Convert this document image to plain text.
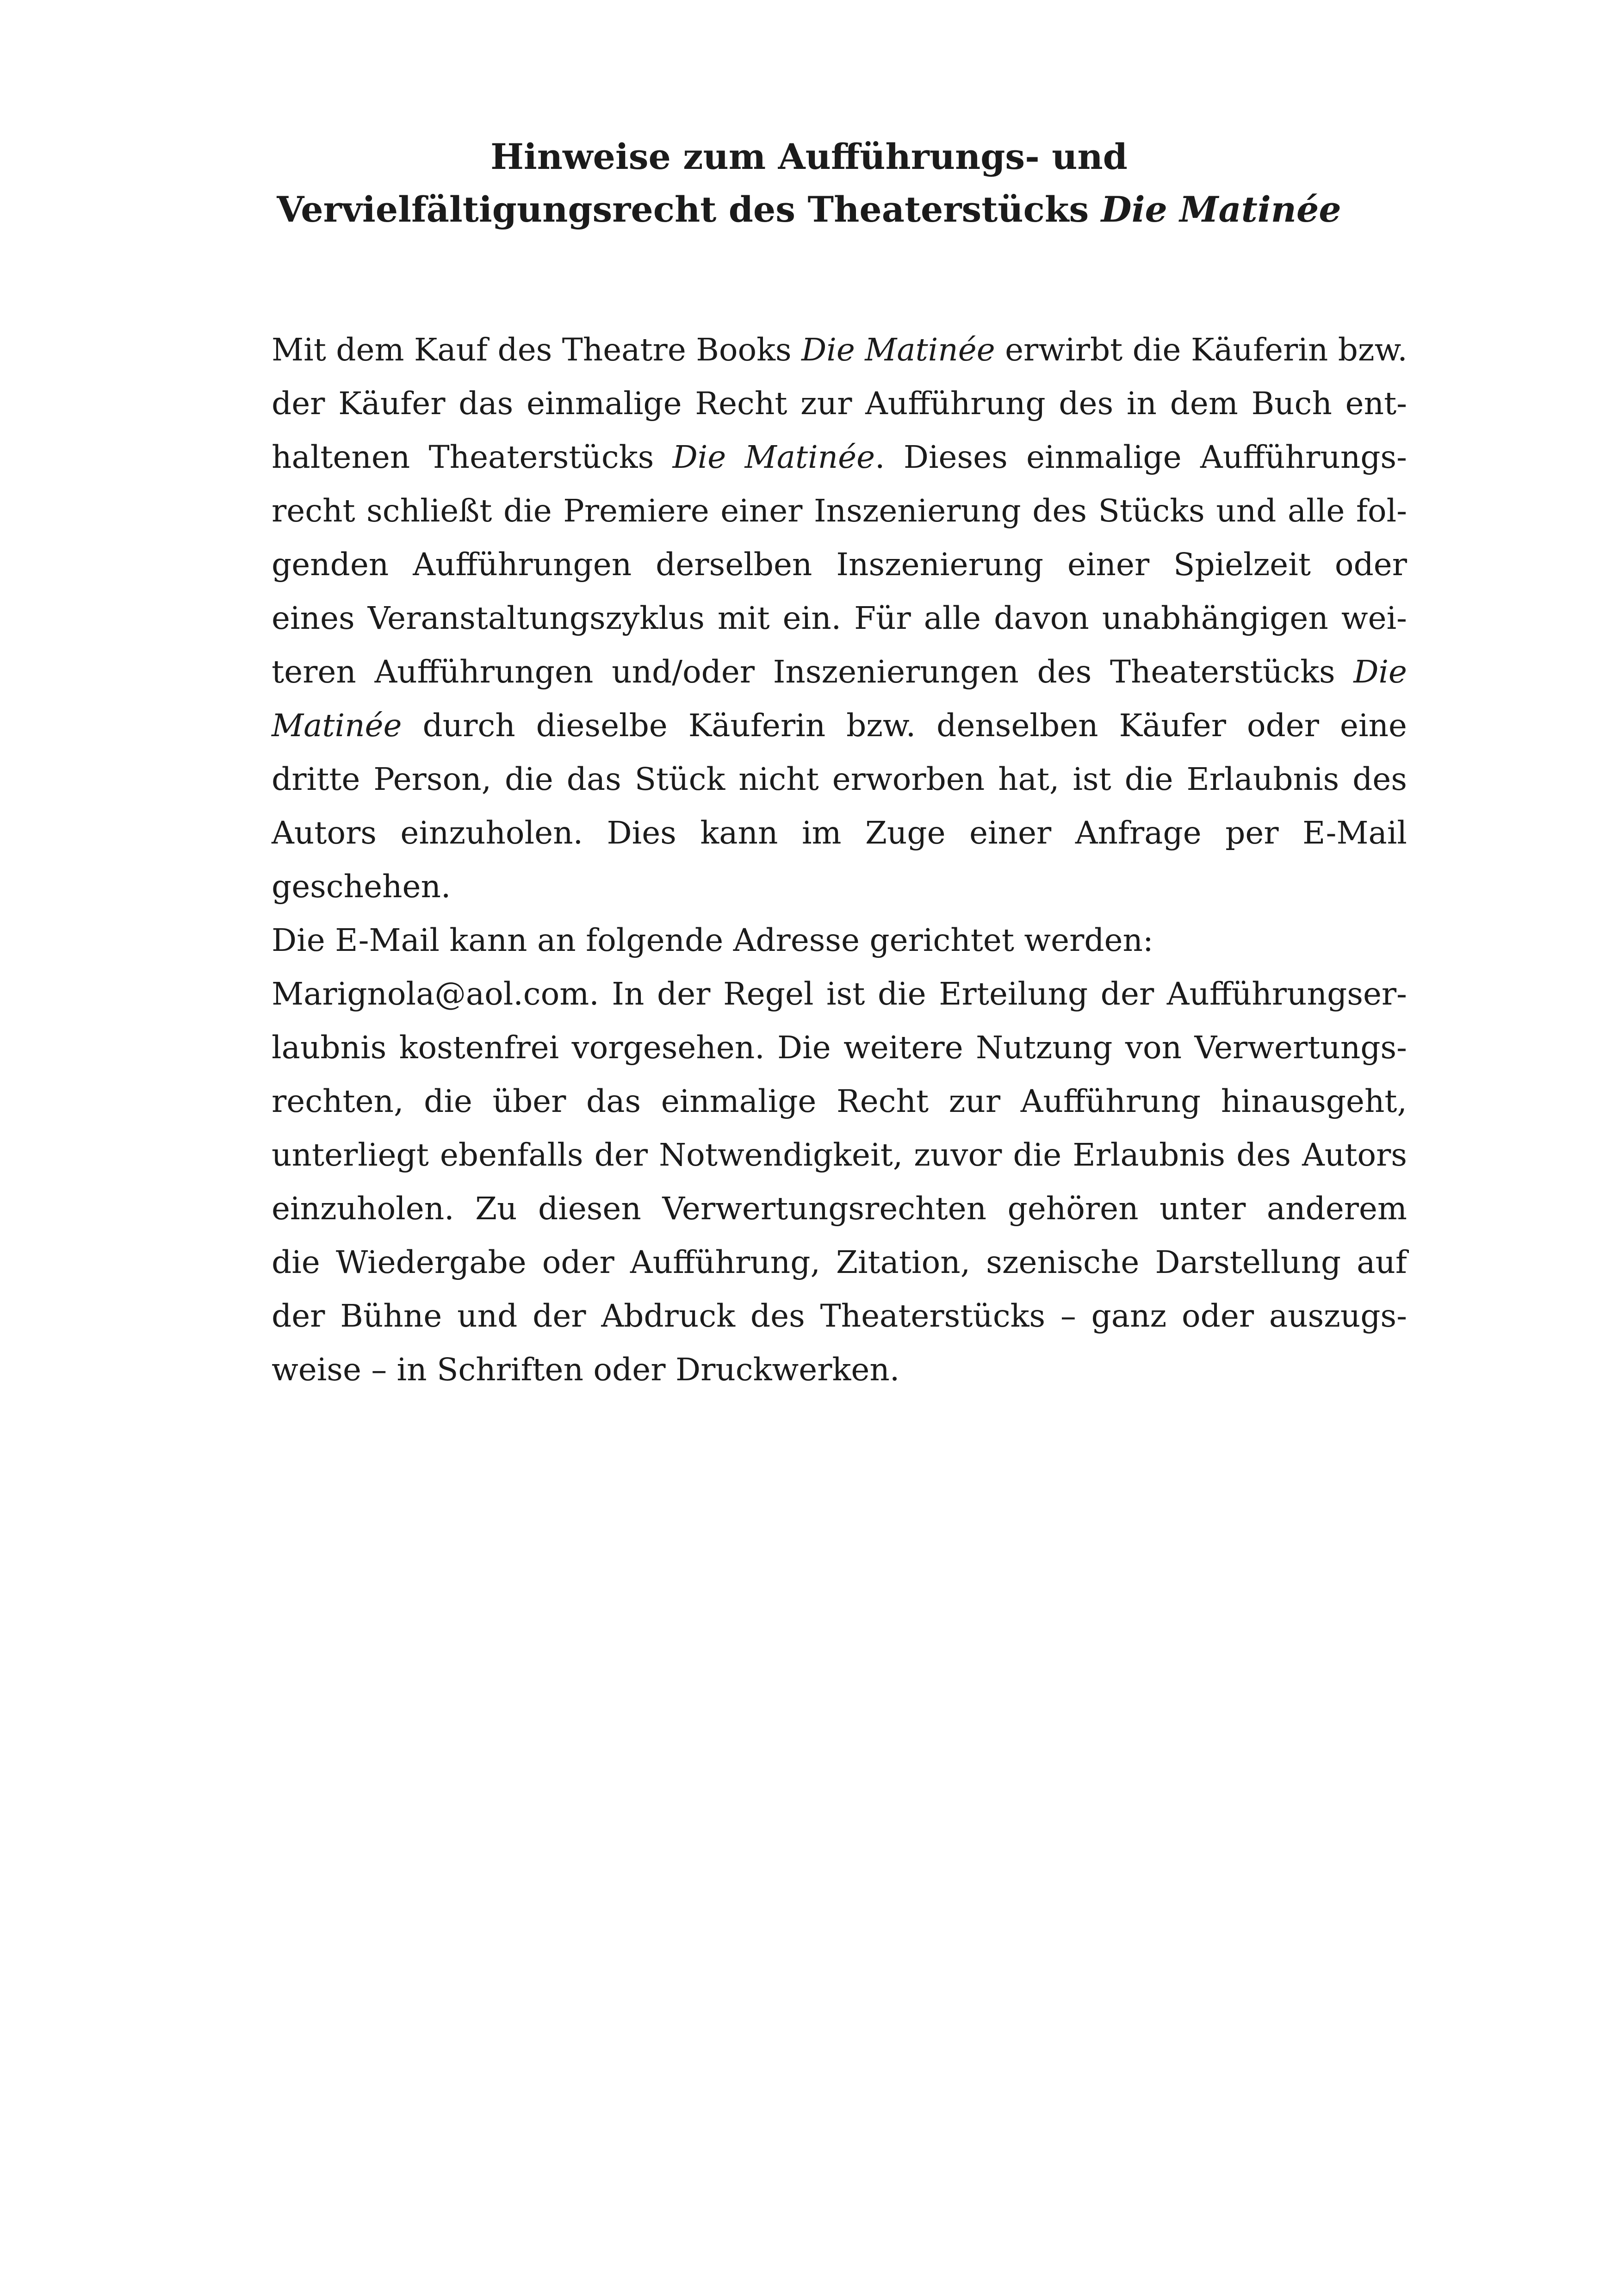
Hinweise zum Aufführungs- und
Vervielfältigungsrecht des Theaterstücks Die Matinée
Mit dem Kauf des Theatre Books Die Matinée erwirbt die Käuferin bzw.
der Käufer das einmalige Recht zur Aufführung des in dem Buch ent-
haltenen Theaterstücks Die Matinée. Dieses einmalige Aufführungs-
recht schließt die Premiere einer Inszenierung des Stücks und alle fol-
genden Aufführungen derselben Inszenierung einer Spielzeit oder
eines Veranstaltungszyklus mit ein. Für alle davon unabhängigen wei-
teren Aufführungen und/oder Inszenierungen des Theaterstücks Die
Matinée durch dieselbe Käuferin bzw. denselben Käufer oder eine
dritte Person, die das Stück nicht erworben hat, ist die Erlaubnis des
Autors einzuholen. Dies kann im Zuge einer Anfrage per E-Mail
geschehen.
Die E-Mail kann an folgende Adresse gerichtet werden:
Marignola@aol.com. In der Regel ist die Erteilung der Aufführungser-
laubnis kostenfrei vorgesehen. Die weitere Nutzung von Verwertungs-
rechten, die über das einmalige Recht zur Aufführung hinausgeht,
unterliegt ebenfalls der Notwendigkeit, zuvor die Erlaubnis des Autors
einzuholen. Zu diesen Verwertungsrechten gehören unter anderem
die Wiedergabe oder Aufführung, Zitation, szenische Darstellung auf
der Bühne und der Abdruck des Theaterstücks – ganz oder auszugs-
weise – in Schriften oder Druckwerken.
